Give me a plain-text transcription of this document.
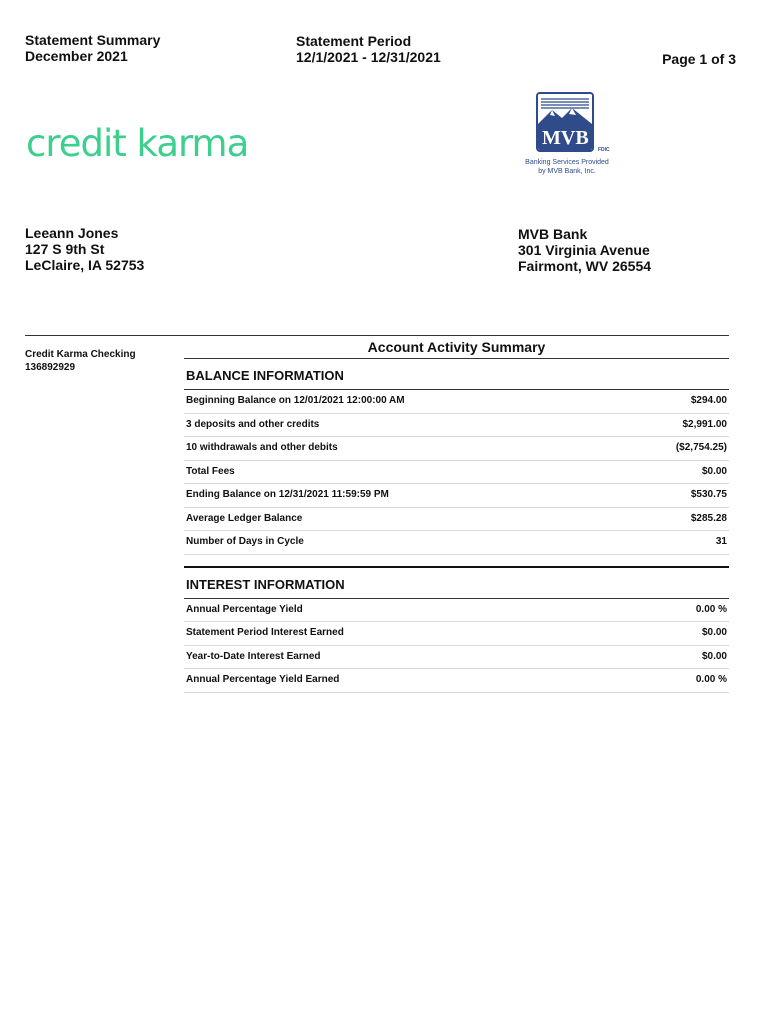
Statement Summary
December 2021
Statement Period
12/1/2021 - 12/31/2021	Page 1 of 3
credit karma	MVB
FDIC
Banking Services Provided
by MVB Bank, Inc.
Leeann Jones
127 S 9th St
LeClaire, IA 52753
MVB Bank
301 Virginia Avenue
Fairmont, WV 26554
Credit Karma Checking
136892929
Account Activity Summary
BALANCE INFORMATION
Beginning Balance on 12/01/2021 12:00:00 AM	$294.00
3 deposits and other credits	$2,991.00
10 withdrawals and other debits	($2,754.25)
Total Fees	$0.00
Ending Balance on 12/31/2021 11:59:59 PM	$530.75
Average Ledger Balance	$285.28
Number of Days in Cycle	31
INTEREST INFORMATION
Annual Percentage Yield	0.00 %
Statement Period Interest Earned	$0.00
Year-to-Date Interest Earned	$0.00
Annual Percentage Yield Earned	0.00 %
